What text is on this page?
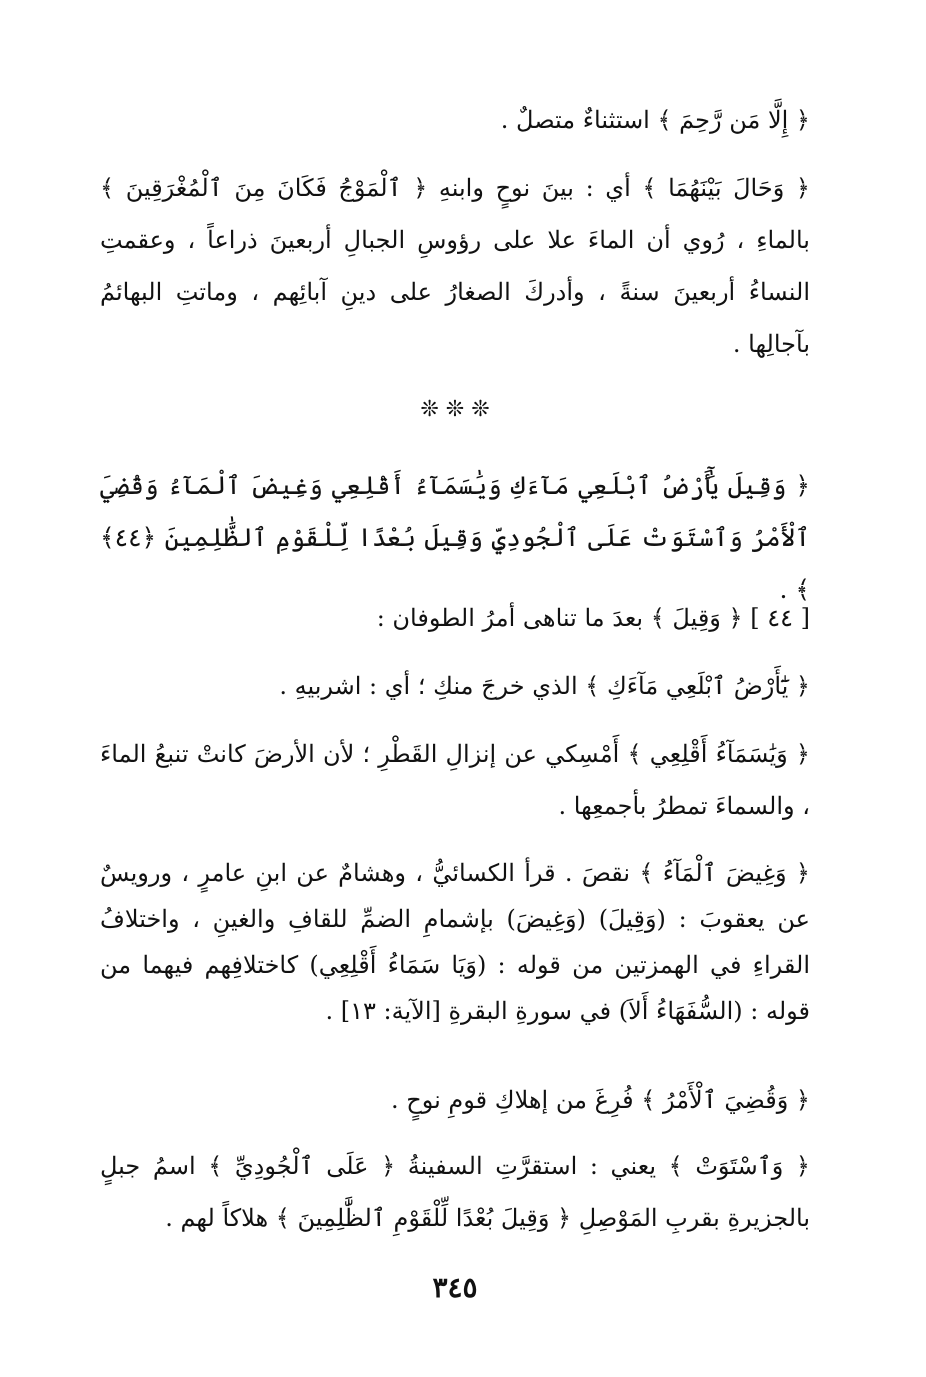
﴿ إِلَّا مَن رَّحِمَ ﴾ استثناءٌ متصلٌ .
﴿ وَحَالَ بَيْنَهُمَا ﴾ أي : بينَ نوحٍ وابنهِ ﴿ ٱلْمَوْجُ فَكَانَ مِنَ ٱلْمُغْرَقِينَ ﴾ بالماءِ ، رُوي أن الماءَ علا على رؤوسِ الجبالِ أربعينَ ذراعاً ، وعقمتِ النساءُ أربعينَ سنةً ، وأدركَ الصغارُ على دينِ آبائِهم ، وماتتِ البهائمُ بآجالِها .
❊ ❊ ❊
﴿ وَقِيلَ يَٰٓأَرْضُ ٱبْلَعِي مَآءَكِ وَيَٰسَمَآءُ أَقْلِعِي وَغِيضَ ٱلْمَآءُ وَقُضِيَ ٱلْأَمْرُ وَٱسْتَوَتْ عَلَى ٱلْجُودِيِّ وَقِيلَ بُعْدًا لِّلْقَوْمِ ٱلظَّٰلِمِينَ ﴿٤٤﴾ ﴾ .
[ ٤٤ ] ﴿ وَقِيلَ ﴾ بعدَ ما تناهى أمرُ الطوفان :
﴿ يَٰٓأَرْضُ ٱبْلَعِي مَآءَكِ ﴾ الذي خرجَ منكِ ؛ أي : اشربيهِ .
﴿ وَيَٰسَمَآءُ أَقْلِعِي ﴾ أَمْسِكي عن إنزالِ القَطْرِ ؛ لأن الأرضَ كانتْ تنبعُ الماءَ ، والسماءَ تمطرُ بأجمعِها .
﴿ وَغِيضَ ٱلْمَآءُ ﴾ نقصَ . قرأ الكسائيُّ ، وهشامٌ عن ابنِ عامرٍ ، ورويسٌ عن يعقوبَ : (وَقِيلَ) (وَغِيضَ) بإشمامِ الضمِّ للقافِ والغينِ ، واختلافُ القراءِ في الهمزتين من قوله : (وَيَا سَمَاءُ أَقْلِعِي) كاختلافِهم فيهما من قوله : (السُّفَهَاءُ أَلاَ) في سورةِ البقرةِ [الآية: ١٣] .
﴿ وَقُضِيَ ٱلْأَمْرُ ﴾ فُرِغَ من إهلاكِ قومِ نوحٍ .
﴿ وَٱسْتَوَتْ ﴾ يعني : استقرَّتِ السفينةُ ﴿ عَلَى ٱلْجُودِيِّ ﴾ اسمُ جبلٍ بالجزيرةِ بقربِ المَوْصِلِ ﴿ وَقِيلَ بُعْدًا لِّلْقَوْمِ ٱلظَّٰلِمِينَ ﴾ هلاكاً لهم .
٣٤٥
